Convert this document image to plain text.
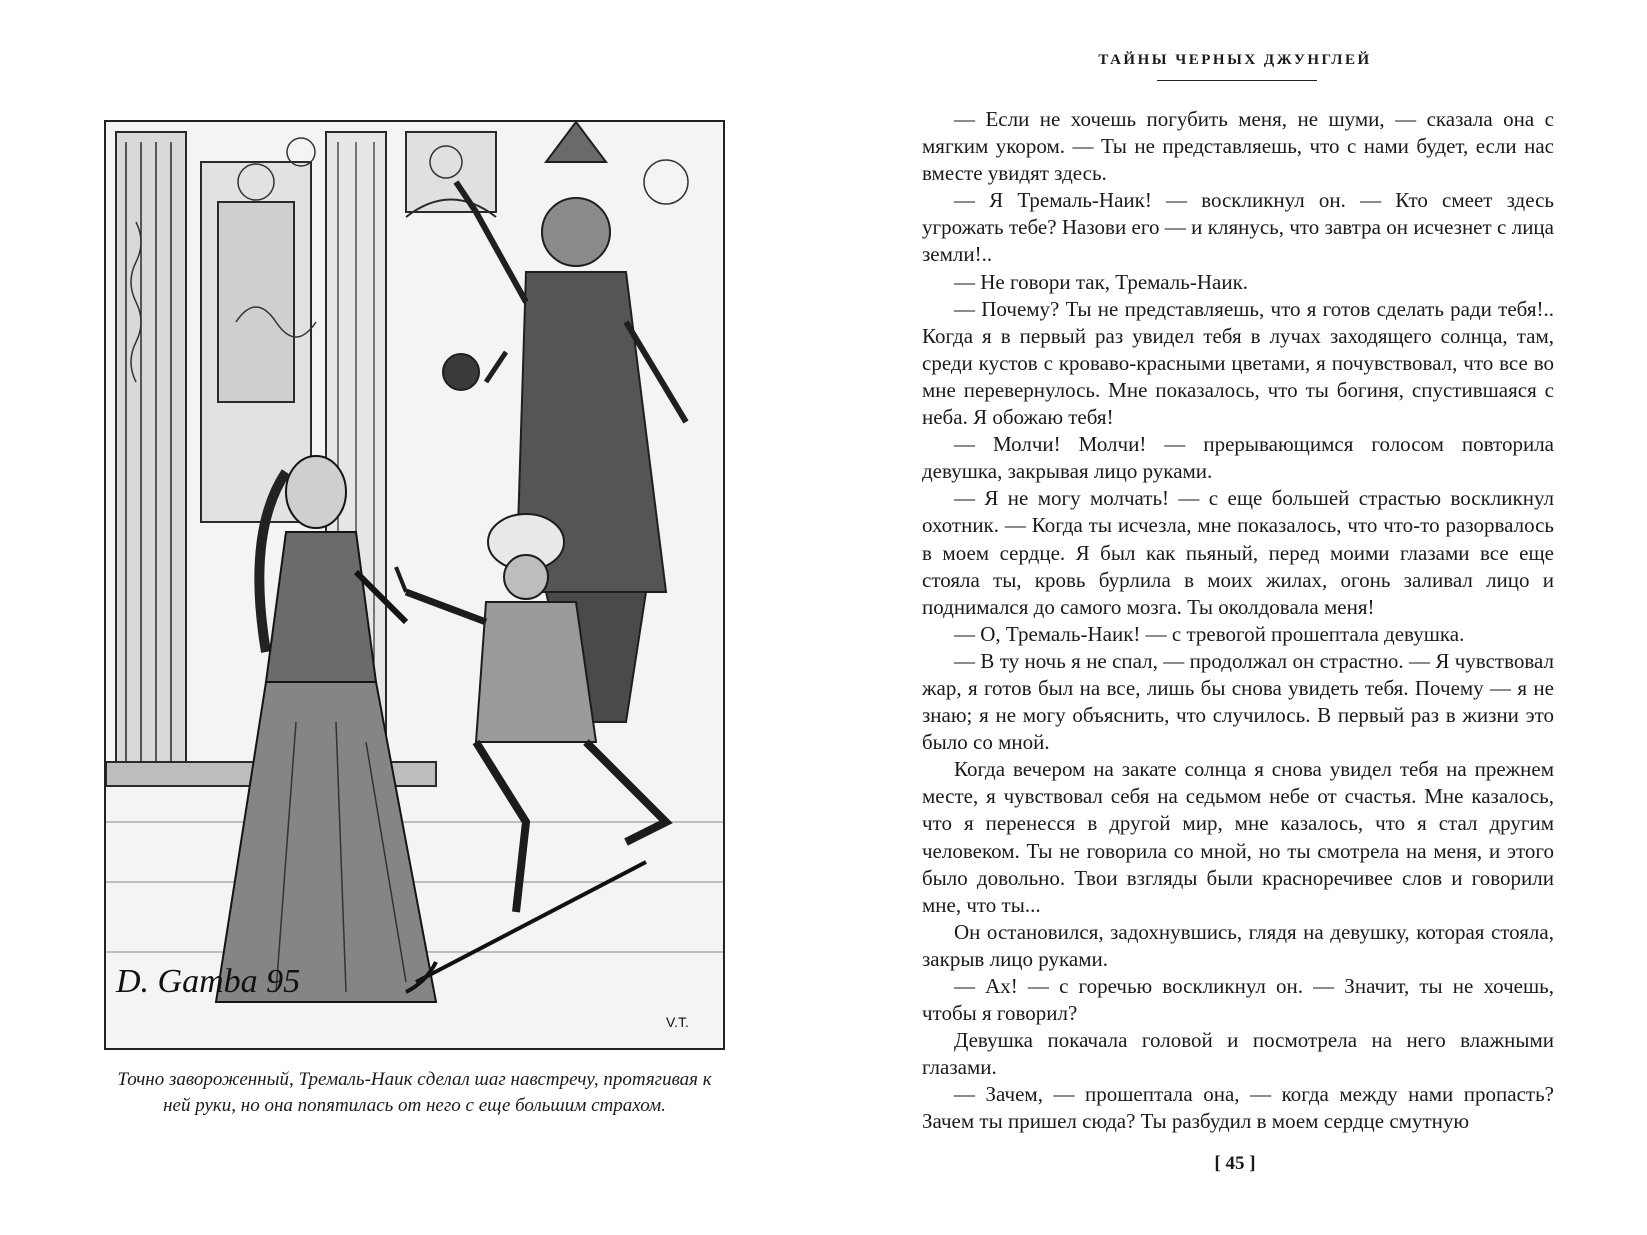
D. Gamba 95
V.T.
Точно завороженный, Тремаль-Наик сделал шаг навстречу, протягивая к ней руки, но она попятилась от него с еще большим страхом.
ТАЙНЫ ЧЕРНЫХ ДЖУНГЛЕЙ

— Если не хочешь погубить меня, не шуми, — сказала она с мягким укором. — Ты не представляешь, что с нами будет, если нас вместе увидят здесь.

— Я Тремаль-Наик! — воскликнул он. — Кто смеет здесь угрожать тебе? Назови его — и клянусь, что завтра он исчезнет с лица земли!..

— Не говори так, Тремаль-Наик.

— Почему? Ты не представляешь, что я готов сделать ради тебя!.. Когда я в первый раз увидел тебя в лучах заходящего солнца, там, среди кустов с кроваво-красными цветами, я почувствовал, что все во мне перевернулось. Мне показалось, что ты богиня, спустившаяся с неба. Я обожаю тебя!

— Молчи! Молчи! — прерывающимся голосом повторила девушка, закрывая лицо руками.

— Я не могу молчать! — с еще большей страстью воскликнул охотник. — Когда ты исчезла, мне показалось, что что-то разорвалось в моем сердце. Я был как пьяный, перед моими глазами все еще стояла ты, кровь бурлила в моих жилах, огонь заливал лицо и поднимался до самого мозга. Ты околдовала меня!

— О, Тремаль-Наик! — с тревогой прошептала девушка.

— В ту ночь я не спал, — продолжал он страстно. — Я чувствовал жар, я готов был на все, лишь бы снова увидеть тебя. Почему — я не знаю; я не могу объяснить, что случилось. В первый раз в жизни это было со мной.

Когда вечером на закате солнца я снова увидел тебя на прежнем месте, я чувствовал себя на седьмом небе от счастья. Мне казалось, что я перенесся в другой мир, мне казалось, что я стал другим человеком. Ты не говорила со мной, но ты смотрела на меня, и этого было довольно. Твои взгляды были красноречивее слов и говорили мне, что ты...

Он остановился, задохнувшись, глядя на девушку, которая стояла, закрыв лицо руками.

— Ах! — с горечью воскликнул он. — Значит, ты не хочешь, чтобы я говорил?

Девушка покачала головой и посмотрела на него влажными глазами.

— Зачем, — прошептала она, — когда между нами пропасть? Зачем ты пришел сюда? Ты разбудил в моем сердце смутную

[ 45 ]
